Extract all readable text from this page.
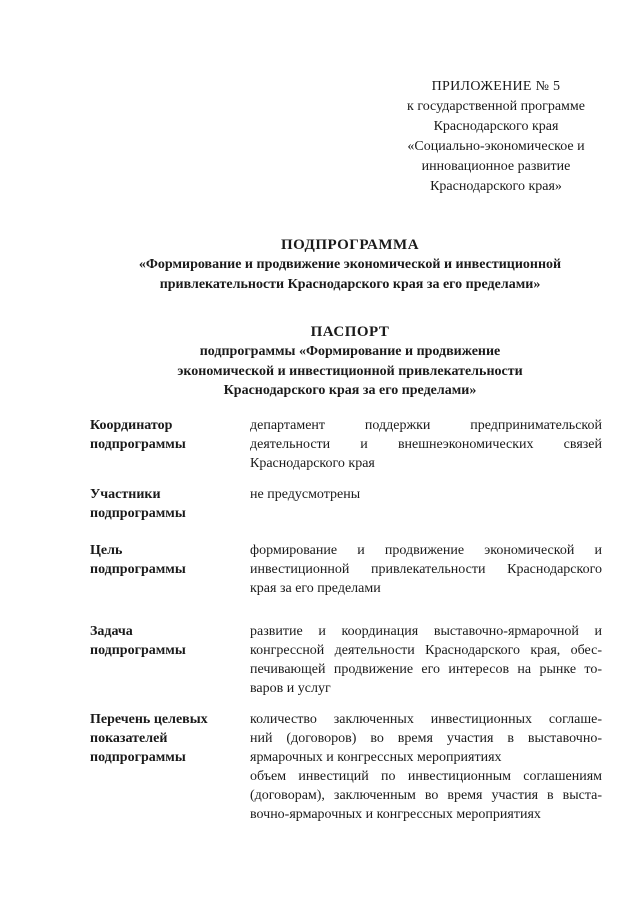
ПРИЛОЖЕНИЕ № 5
к государственной программе
Краснодарского края
«Социально-экономическое и
инновационное развитие
Краснодарского края»
ПОДПРОГРАММА
«Формирование и продвижение экономической и инвестиционной
привлекательности Краснодарского края за его пределами»
ПАСПОРТ
подпрограммы «Формирование и продвижение
экономической и инвестиционной привлекательности
Краснодарского края за его пределами»
Координатор
подпрограммы
департамент поддержки предпринимательской
деятельности и внешнеэкономических связей
Краснодарского края
Участники
подпрограммы
не предусмотрены
Цель
подпрограммы
формирование и продвижение экономической и
инвестиционной привлекательности Краснодарского
края за его пределами
Задача
подпрограммы
развитие и координация выставочно-ярмарочной и
конгрессной деятельности Краснодарского края, обес-
печивающей продвижение его интересов на рынке то-
варов и услуг
Перечень целевых
показателей
подпрограммы
количество заключенных инвестиционных соглаше-
ний (договоров) во время участия в выставочно-
ярмарочных и конгрессных мероприятиях
объем инвестиций по инвестиционным соглашениям
(договорам), заключенным во время участия в выста-
вочно-ярмарочных и конгрессных мероприятиях
